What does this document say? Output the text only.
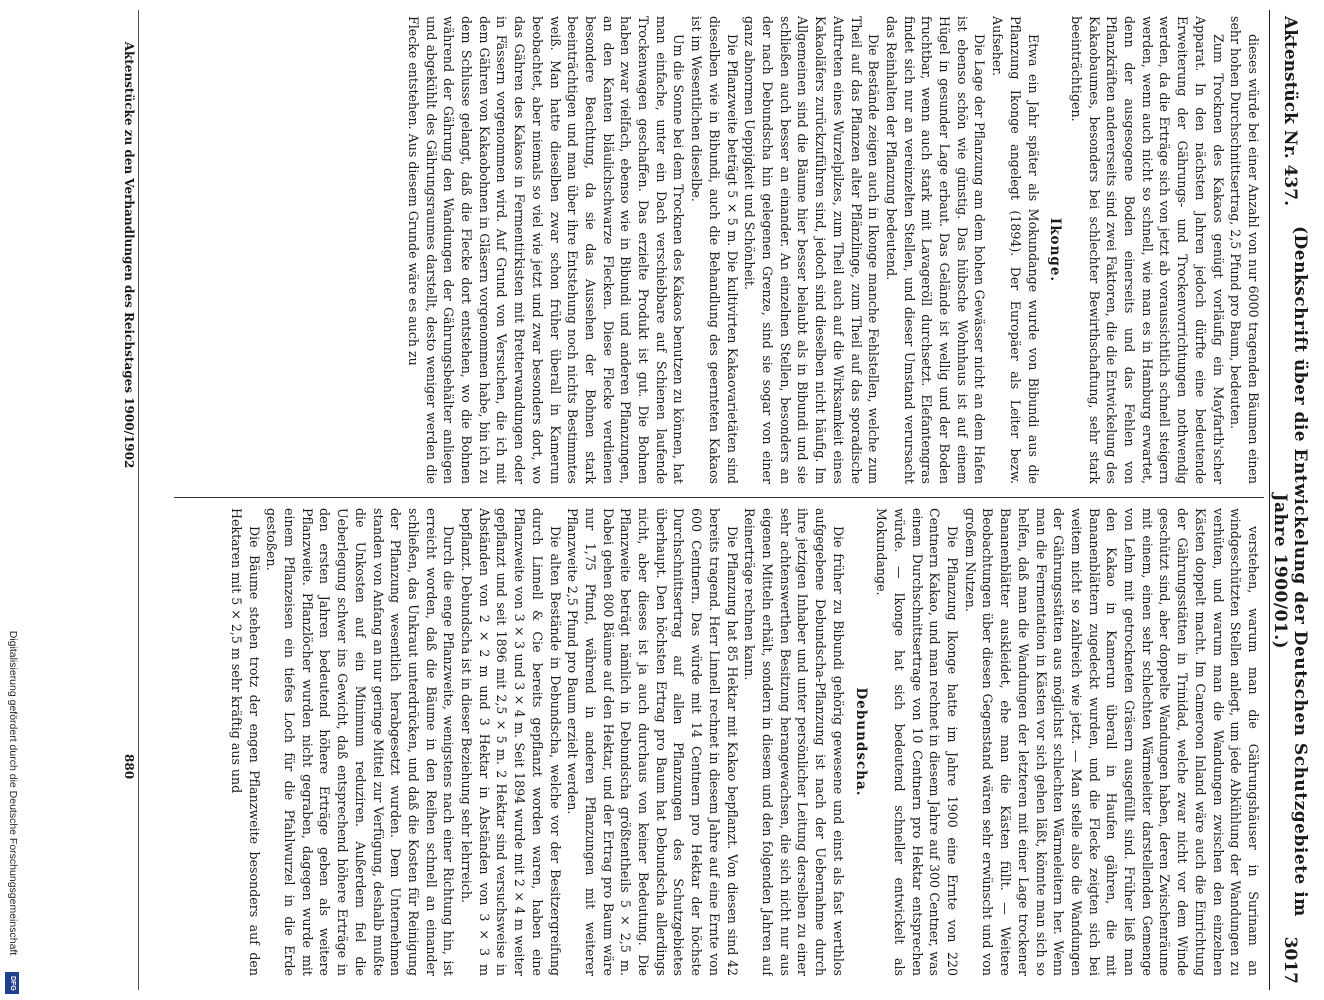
Aktenstück Nr. 437.
(Denkschrift über die Entwickelung der Deutschen Schutzgebiete im Jahre 1900/01.)
3017

dieses würde bei einer Anzahl von nur 6000 tragenden Bäumen einen sehr hohen Durchschnittsertrag, 2,5 Pfund pro Baum, bedeuten.

Zum Trocknen des Kakaos genügt vorläufig ein Mayfarth'scher Apparat. In den nächsten Jahren jedoch dürfte eine bedeutende Erweiterung der Gährungs- und Trockenvorrichtungen nothwendig werden, da die Erträge sich von jetzt ab voraussichtlich schnell steigern werden, wenn auch nicht so schnell, wie man es in Hamburg erwartet, denn der ausgesogene Boden einerseits und das Fehlen von Pflanzkräften andererseits sind zwei Faktoren, die die Entwickelung des Kakaobaumes, besonders bei schlechter Bewirthschaftung, sehr stark beeinträchtigen.

Ikonge.

Etwa ein Jahr später als Mokundange wurde von Bibundi aus die Pflanzung Ikonge angelegt (1894). Der Europäer als Leiter bezw. Aufseher.

Die Lage der Pflanzung am dem hohen Gewässer nicht an dem Hafen ist ebenso schön wie günstig. Das hübsche Wohnhaus ist auf einem Hügel in gesunder Lage erbaut. Das Gelände ist wellig und der Boden fruchtbar, wenn auch stark mit Lavageröll durchsetzt. Elefantengras findet sich nur an vereinzelten Stellen, und dieser Umstand verursacht das Reinhalten der Pflanzung bedeutend.

Die Bestände zeigen auch in Ikonge manche Fehlstellen, welche zum Theil auf das Pflanzen alter Pflänzlinge, zum Theil auf das sporadische Auftreten eines Wurzelpilzes, zum Theil auch auf die Wirksamkeit eines Kakaoläfers zurückzuführen sind, jedoch sind dieselben nicht häufig. Im Allgemeinen sind die Bäume hier besser belaubt als in Bibundi und sie schließen auch besser an einander. An einzelnen Stellen, besonders an der nach Debundscha hin gelegenen Grenze, sind sie sogar von einer ganz abnormen Ueppigkeit und Schönheit.

Die Pflanzweite beträgt 5 × 5 m. Die kultivirten Kakaovarietäten sind dieselben wie in Bibundi, auch die Behandlung des geernteten Kakaos ist im Wesentlichen dieselbe.

Um die Sonne bei dem Trocknen des Kakaos benutzen zu können, hat man einfache, unter ein Dach verschiebbare auf Schienen laufende Trockenwagen geschaffen. Das erzielte Produkt ist gut. Die Bohnen haben zwar vielfach, ebenso wie in Bibundi und anderen Pflanzungen, an den Kanten bläulichschwarze Flecken. Diese Flecke verdienen besondere Beachtung, da sie das Aussehen der Bohnen stark beeinträchtigen und man über ihre Entstehung noch nichts Bestimmtes weiß. Man hatte dieselben zwar schon früher überall in Kamerun beobachtet, aber niemals so viel wie jetzt und zwar besonders dort, wo das Gähren des Kakaos in Fermentirkisten mit Bretterwandungen oder in Fässern vorgenommen wird. Auf Grund von Versuchen, die ich mit dem Gähren von Kakaobohnen in Gläsern vorgenommen habe, bin ich zu dem Schlusse gelangt, daß die Flecke dort entstehen, wo die Bohnen während der Gährung den Wandungen der Gährungsbehälter anliegen und abgekühlt des Gährungsraumes darstellt, desto weniger werden die Flecke entstehen. Aus diesem Grunde wäre es auch zu

verstehen, warum man die Gährungshäuser in Surinam an windgeschützten Stellen anlegt, um jede Abkühlung der Wandungen zu verhüten, und warum man die Wandungen zwischen den einzelnen Kästen doppelt macht. Im Cameroon Inland wäre auch die Einrichtung der Gährungsstätten in Trinidad, welche zwar nicht vor dem Winde geschützt sind, aber doppelte Wandungen haben, deren Zwischenräume mit einem, einen sehr schlechten Wärmeleiter darstellenden Gemenge von Lehm mit getrockneten Gräsern ausgefüllt sind. Früher ließ man den Kakao in Kamerun überall in Haufen gähren, die mit Bananenblättern zugedeckt wurden, und die Flecke zeigten sich bei weitem nicht so zahlreich wie jetzt. — Man stelle also die Wandungen der Gährungsstätten aus möglichst schlechten Wärmeleitern her. Wenn man die Fermentation in Kästen vor sich gehen läßt, könnte man sich so helfen, daß man die Wandungen der letzteren mit einer Lage trockener Bananenblätter auskleidet, ehe man die Kästen füllt. — Weitere Beobachtungen über diesen Gegenstand wären sehr erwünscht und von großem Nutzen.

Die Pflanzung Ikonge hatte im Jahre 1900 eine Ernte von 220 Centnern Kakao, und man rechnet in diesem Jahre auf 300 Centner, was einem Durchschnittsertrage von 10 Centnern pro Hektar entsprechen würde. — Ikonge hat sich bedeutend schneller entwickelt als Mokundange.

Debundscha.

Die früher zu Bibundi gehörig gewesene und einst als fast werthlos aufgegebene Debundscha-Pflanzung ist nach der Uebernahme durch ihre jetzigen Inhaber und unter persönlicher Leitung derselben zu einer sehr achtenswerthen Besitzung herangewachsen, die sich nicht nur aus eigenen Mitteln erhält, sondern in diesem und den folgenden Jahren auf Reinerträge rechnen kann.

Die Pflanzung hat 85 Hektar mit Kakao bepflanzt. Von diesen sind 42 bereits tragend. Herr Linnell rechnet in diesem Jahre auf eine Ernte von 600 Centnern. Das würde mit 14 Centnern pro Hektar der höchste Durchschnittsertrag auf allen Pflanzungen des Schutzgebietes überhaupt. Den höchsten Ertrag pro Baum hat Debundscha allerdings nicht, aber dieses ist ja auch durchaus von keiner Bedeutung. Die Pflanzweite beträgt nämlich in Debundscha größtentheils 5 × 2,5 m. Dabei gehen 800 Bäume auf den Hektar, und der Ertrag pro Baum wäre nur 1,75 Pfund, während in anderen Pflanzungen mit weiterer Pflanzweite 2,5 Pfund pro Baum erzielt werden.

Die alten Bestände in Debundscha, welche vor der Besitzergreifung durch Linnell & Cie bereits gepflanzt worden waren, haben eine Pflanzweite von 3 × 3 und 3 × 4 m. Seit 1894 wurde mit 2 × 4 m weiter gepflanzt und seit 1896 mit 2,5 × 5 m. 2 Hektar sind versuchsweise in Abständen von 2 × 2 m und 3 Hektar in Abständen von 3 × 3 m bepflanzt. Debundscha ist in dieser Beziehung sehr lehrreich.

Durch die enge Pflanzweite, wenigstens nach einer Richtung hin, ist erreicht worden, daß die Bäume in den Reihen schnell an einander schließen, das Unkraut unterdrücken, und daß die Kosten für Reinigung der Pflanzung wesentlich herabgesetzt wurden. Dem Unternehmen standen von Anfang an nur geringe Mittel zur Verfügung, deshalb mußte die Unkosten auf ein Minimum reduziren. Außerdem fiel die Ueberlegung schwer ins Gewicht, daß entsprechend höhere Erträge in den ersten Jahren bedeutend höhere Erträge geben als weitere Pflanzweite. Pflanzlöcher wurden nicht gegraben, dagegen wurde mit einem Pflanzeisen ein tiefes Loch für die Pfahlwurzel in die Erde gestoßen.

Die Bäume stehen trotz der engen Pflanzweite besonders auf den Hektaren mit 5 × 2,5 m sehr kräftig aus und

Aktenstücke zu den Verhandlungen des Reichstages 1900/1902
880
Digitalisierung gefördert durch die Deutsche Forschungsgemeinschaft
DFG
